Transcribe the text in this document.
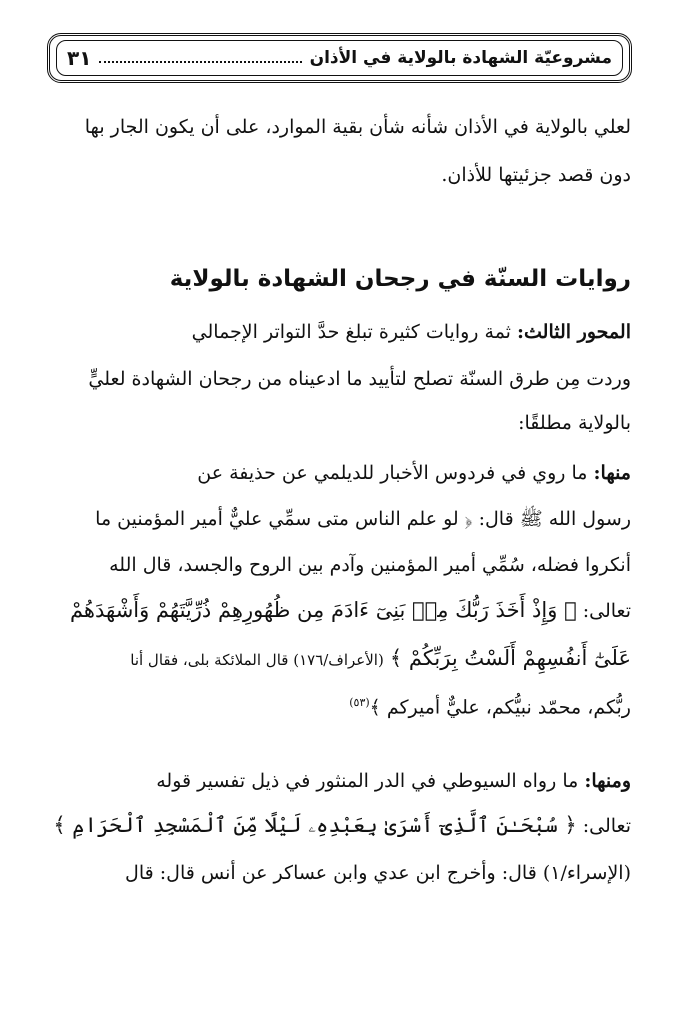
مشروعيّة الشهادة بالولاية في الأذان
٣١
لعلي بالولاية في الأذان شأنه شأن بقية الموارد، على أن يكون الجار بها
دون قصد جزئيتها للأذان.
روايات السنّة في رجحان الشهادة بالولاية
المحور الثالث: ثمة روايات كثيرة تبلغ حدَّ التواتر الإجمالي
وردت مِن طرق السنّة تصلح لتأييد ما ادعيناه من رجحان الشهادة لعليٍّ
بالولاية مطلقًا:
منها: ما روي في فردوس الأخبار للديلمي عن حذيفة عن
رسول الله ﷺ قال: ﴿ لو علم الناس متى سمِّي عليٌّ أمير المؤمنين ما
أنكروا فضله، سُمِّي أمير المؤمنين وآدم بين الروح والجسد، قال الله
تعالى: ﴿ وَإِذْ أَخَذَ رَبُّكَ مِنۢ بَنِىٓ ءَادَمَ مِن ظُهُورِهِمْ ذُرِّيَّتَهُمْ وَأَشْهَدَهُمْ
عَلَىٰٓ أَنفُسِهِمْ أَلَسْتُ بِرَبِّكُمْ ﴾ (الأعراف/١٧٦) قال الملائكة بلى، فقال أنا
ربُّكم، محمّد نبيُّكم، عليٌّ أميركم ﴾$^{(٥٣)}$
ومنها: ما رواه السيوطي في الدر المنثور في ذيل تفسير قوله
تعالى: ﴿ سُبْحَـٰنَ ٱلَّذِىٓ أَسْرَىٰ بِعَبْدِهِۦ لَيْلًا مِّنَ ٱلْمَسْجِدِ ٱلْحَرَامِ ﴾
(الإسراء/١) قال: وأخرج ابن عدي وابن عساكر عن أنس قال: قال
